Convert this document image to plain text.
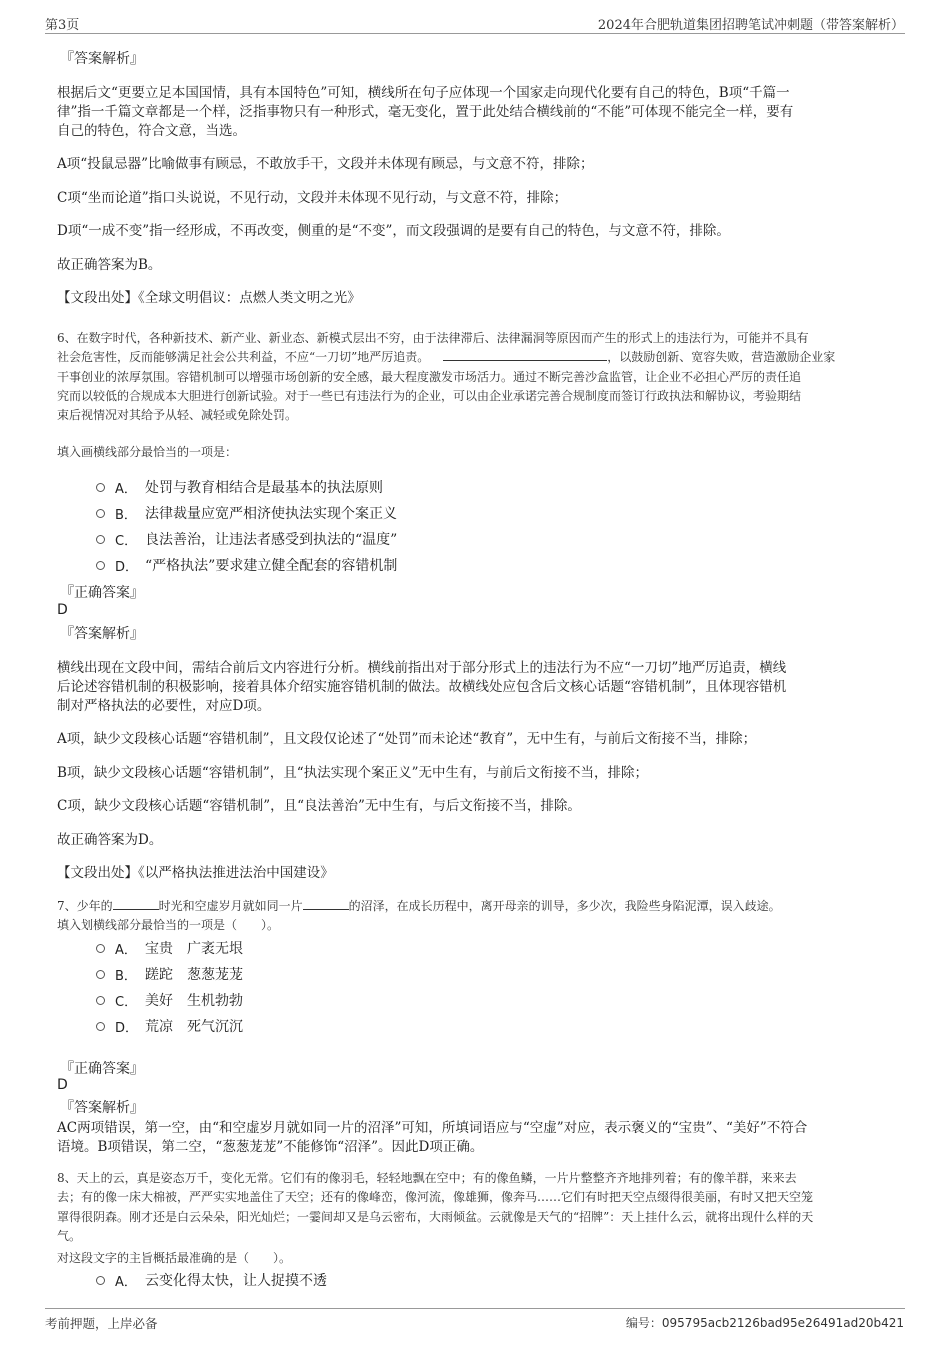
第3页	2024年合肥轨道集团招聘笔试冲刺题（带答案解析）
『答案解析』
根据后文“更要立足本国国情，具有本国特色”可知，横线所在句子应体现一个国家走向现代化要有自己的特色，B项“千篇一
律”指一千篇文章都是一个样，泛指事物只有一种形式，毫无变化，置于此处结合横线前的“不能”可体现不能完全一样，要有
自己的特色，符合文意，当选。
A项“投鼠忌器”比喻做事有顾忌，不敢放手干，文段并未体现有顾忌，与文意不符，排除；
C项“坐而论道”指口头说说，不见行动，文段并未体现不见行动，与文意不符，排除；
D项“一成不变”指一经形成，不再改变，侧重的是“不变”，而文段强调的是要有自己的特色，与文意不符，排除。
故正确答案为B。
【文段出处】《全球文明倡议：点燃人类文明之光》
6、在数字时代，各种新技术、新产业、新业态、新模式层出不穷，由于法律滞后、法律漏洞等原因而产生的形式上的违法行为，可能并不具有
社会危害性，反而能够满足社会公共利益，不应“一刀切”地严厉追责。	，以鼓励创新、宽容失败，营造激励企业家
干事创业的浓厚氛围。容错机制可以增强市场创新的安全感，最大程度激发市场活力。通过不断完善沙盒监管，让企业不必担心严厉的责任追
究而以较低的合规成本大胆进行创新试验。对于一些已有违法行为的企业，可以由企业承诺完善合规制度而签订行政执法和解协议，考验期结
束后视情况对其给予从轻、减轻或免除处罚。
填入画横线部分最恰当的一项是：
A． 处罚与教育相结合是最基本的执法原则
B． 法律裁量应宽严相济使执法实现个案正义
C． 良法善治，让违法者感受到执法的“温度”
D． “严格执法”要求建立健全配套的容错机制
『正确答案』
D
『答案解析』
横线出现在文段中间，需结合前后文内容进行分析。横线前指出对于部分形式上的违法行为不应“一刀切”地严厉追责，横线
后论述容错机制的积极影响，接着具体介绍实施容错机制的做法。故横线处应包含后文核心话题“容错机制”，且体现容错机
制对严格执法的必要性，对应D项。
A项，缺少文段核心话题“容错机制”，且文段仅论述了“处罚”而未论述“教育”，无中生有，与前后文衔接不当，排除；
B项，缺少文段核心话题“容错机制”，且“执法实现个案正义”无中生有，与前后文衔接不当，排除；
C项，缺少文段核心话题“容错机制”，且“良法善治”无中生有，与后文衔接不当，排除。
故正确答案为D。
【文段出处】《以严格执法推进法治中国建设》
7、少年的	时光和空虚岁月就如同一片	的沼泽，在成长历程中，离开母亲的训导，多少次，我险些身陷泥潭，误入歧途。
填入划横线部分最恰当的一项是（　　）。
A． 宝贵　广袤无垠
B． 蹉跎　葱葱茏茏
C． 美好　生机勃勃
D． 荒凉　死气沉沉
『正确答案』
D
『答案解析』
AC两项错误，第一空，由“和空虚岁月就如同一片的沼泽”可知，所填词语应与“空虚”对应，表示褒义的“宝贵”、“美好”不符合
语境。B项错误，第二空，“葱葱茏茏”不能修饰“沼泽”。因此D项正确。
8、天上的云，真是姿态万千，变化无常。它们有的像羽毛，轻轻地飘在空中；有的像鱼鳞，一片片整整齐齐地排列着；有的像羊群，来来去
去；有的像一床大棉被，严严实实地盖住了天空；还有的像峰峦，像河流，像雄狮，像奔马……它们有时把天空点缀得很美丽，有时又把天空笼
罩得很阴森。刚才还是白云朵朵，阳光灿烂；一霎间却又是乌云密布，大雨倾盆。云就像是天气的“招牌”：天上挂什么云，就将出现什么样的天
气。
对这段文字的主旨概括最准确的是（　　）。
A． 云变化得太快，让人捉摸不透
考前押题，上岸必备	编号：095795acb2126bad95e26491ad20b421
